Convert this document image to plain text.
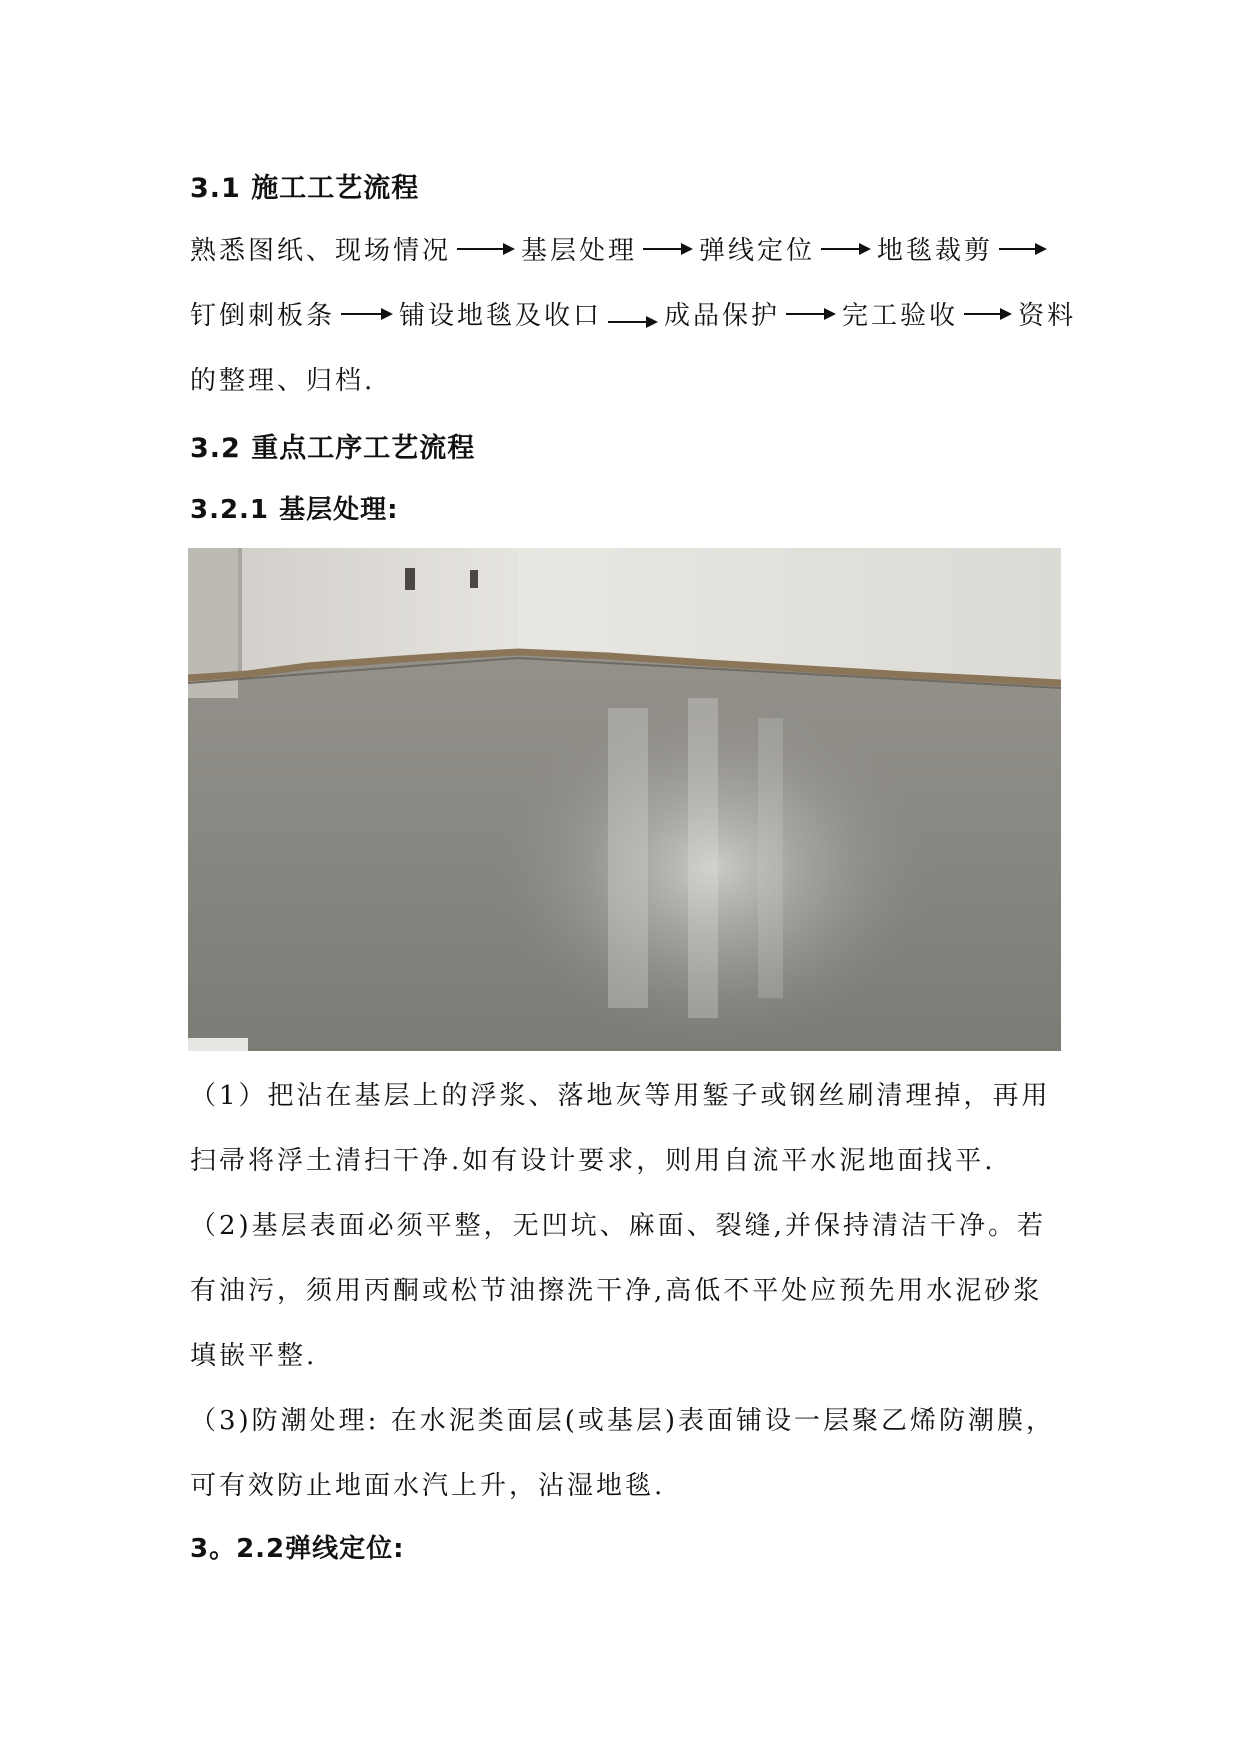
3.1 施工工艺流程
熟悉图纸、现场情况	基层处理 弹线定位 地毯裁剪
钉倒刺板条 铺设地毯及收口 成品保护 完工验收 资料
的整理、归档.
3.2 重点工序工艺流程
3.2.1 基层处理:
（1）把沾在基层上的浮浆、落地灰等用錾子或钢丝刷清理掉，再用
扫帚将浮土清扫干净.如有设计要求，则用自流平水泥地面找平.
（2)基层表面必须平整，无凹坑、麻面、裂缝,并保持清洁干净。若
有油污，须用丙酮或松节油擦洗干净,高低不平处应预先用水泥砂浆
填嵌平整.
（3)防潮处理: 在水泥类面层(或基层)表面铺设一层聚乙烯防潮膜，
可有效防止地面水汽上升，沾湿地毯.
3。2.2弹线定位:
